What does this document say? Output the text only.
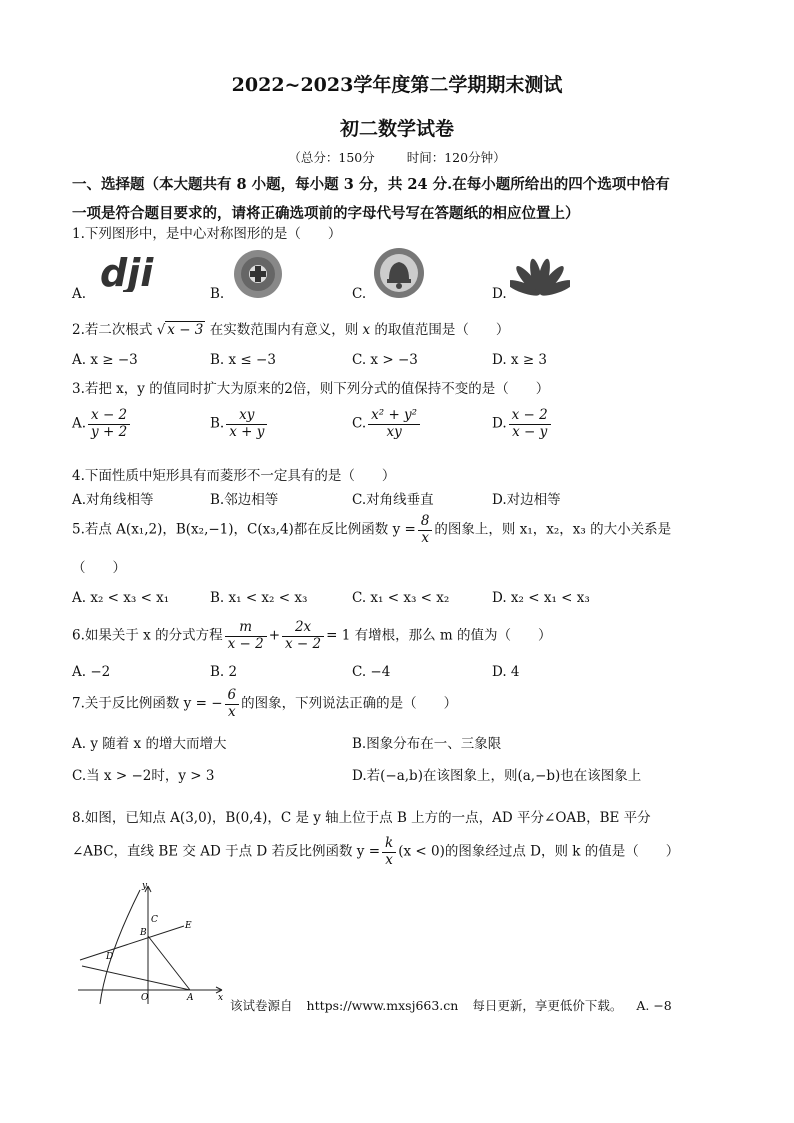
2022~2023学年度第二学期期末测试
初二数学试卷
（总分：150分	时间：120分钟）
一、选择题（本大题共有 8 小题，每小题 3 分，共 24 分.在每小题所给出的四个选项中恰有
一项是符合题目要求的，请将正确选项前的字母代号写在答题纸的相应位置上）
1.下列图形中，是中心对称图形的是（　　）
A. dji	B.	C.	D.
2.若二次根式 √ x − 3 在实数范围内有意义，则 x 的取值范围是（　　）
A. x ≥ −3	B. x ≤ −3	C. x > −3	D. x ≥ 3
3.若把 x，y 的值同时扩大为原来的2倍，则下列分式的值保持不变的是（　　）
A. $\frac{x - 2}{y + 2}$	B. $\frac{xy}{x + y}$	C. $\frac{\text{x² + y²}}{xy}$	D. $\frac{x - 2}{x - y}$
4.下面性质中矩形具有而菱形不一定具有的是（　　）
A.对角线相等	B.邻边相等	C.对角线垂直	D.对边相等
5.若点 A(x₁,2)，B(x₂,−1)，C(x₃,4)都在反比例函数 $y = \frac{8}{x}$ 的图象上，则 x₁，x₂，x₃ 的大小关系是
（　　）
A. x₂ < x₃ < x₁	B. x₁ < x₂ < x₃	C. x₁ < x₃ < x₂	D. x₂ < x₁ < x₃
6.如果关于 x 的分式方程 $\frac{m}{x - 2} + \frac{2x}{x - 2} = 1$ 有增根，那么 m 的值为（　　）
A. −2	B. 2	C. −4	D. 4
7.关于反比例函数 y = − $\frac{6}{x}$ 的图象，下列说法正确的是（　　）
A. y 随着 x 的增大而增大	B.图象分布在一、三象限
C.当 x > −2时，y > 3	D.若(−a,b)在该图象上，则(a,−b)也在该图象上
8.如图，已知点 A(3,0)，B(0,4)，C 是 y 轴上位于点 B 上方的一点，AD 平分∠OAB，BE 平分
∠ABC，直线 BE 交 AD 于点 D 若反比例函数 $y = \frac{k}{x} (x < 0)$的图象经过点 D，则 k 的值是（　　）
y
C
B
E
D
O	A	x 该试卷源自 https://www.mxsj663.cn 每日更新，享更低价下载。 A. −8
